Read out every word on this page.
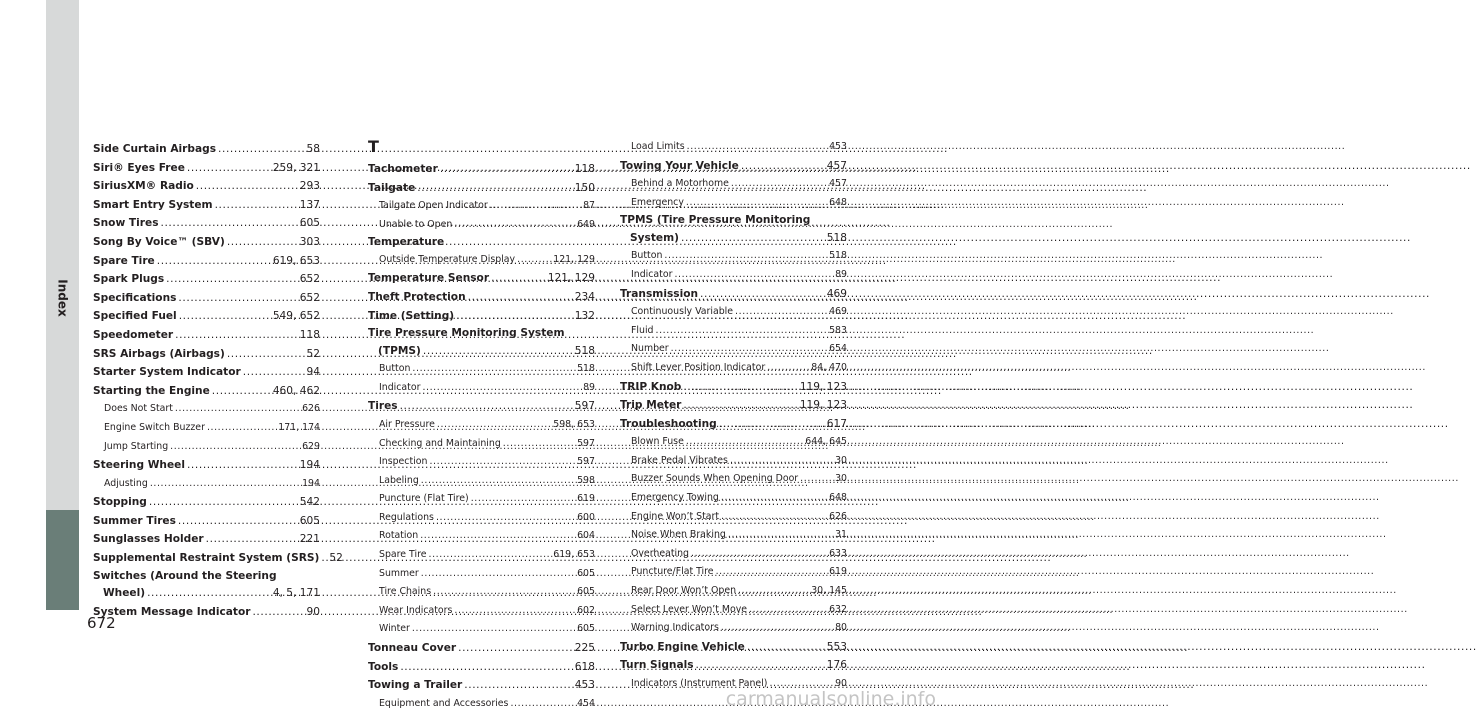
Index
Side Curtain Airbags .....	58
Siri® Eyes Free .....	259, 321
SiriusXM® Radio .....	293
Smart Entry System .....	137
Snow Tires .....	605
Song By Voice™ (SBV) .....	303
Spare Tire .....	619, 653
Spark Plugs .....	652
Specifications .....	652
Specified Fuel .....	549, 652
Speedometer .....	118
SRS Airbags (Airbags) .....	52
Starter System Indicator .....	94
Starting the Engine .....	460, 462
Does Not Start .....	626
Engine Switch Buzzer .....	171, 174
Jump Starting .....	629
Steering Wheel .....	194
Adjusting .....	194
Stopping .....	542
Summer Tires .....	605
Sunglasses Holder .....	221
Supplemental Restraint System (SRS) ..... 52
Switches (Around the Steering
Wheel) .....	4, 5, 171
System Message Indicator .....	90
T
Tachometer .....	118
Tailgate .....	150
Tailgate Open Indicator .....	87
Unable to Open .....	649
Temperature
Outside Temperature Display .....	121, 129
Temperature Sensor .....	121, 129
Theft Protection .....	234
Time (Setting) .....	132
Tire Pressure Monitoring System
(TPMS) .....	518
Button .....	518
Indicator .....	89
Tires .....	597
Air Pressure .....	598, 653
Checking and Maintaining .....	597
Inspection .....	597
Labeling .....	598
Puncture (Flat Tire) .....	619
Regulations .....	600
Rotation .....	604
Spare Tire .....	619, 653
Summer .....	605
Tire Chains .....	605
Wear Indicators .....	602
Winter .....	605
Tonneau Cover .....	225
Tools .....	618
Towing a Trailer .....	453
Equipment and Accessories .....	454
Load Limits .....	453
Towing Your Vehicle .....	457
Behind a Motorhome .....	457
Emergency .....	648
TPMS (Tire Pressure Monitoring
System) .....	518
Button .....	518
Indicator .....	89
Transmission .....	469
Continuously Variable .....	469
Fluid .....	583
Number .....	654
Shift Lever Position Indicator .....	84, 470
TRIP Knob .....	119, 123
Trip Meter .....	119, 123
Troubleshooting .....	617
Blown Fuse .....	644, 645
Brake Pedal Vibrates .....	30
Buzzer Sounds When Opening Door .....	30
Emergency Towing .....	648
Engine Won’t Start .....	626
Noise When Braking .....	31
Overheating .....	633
Puncture/Flat Tire .....	619
Rear Door Won’t Open .....	30, 145
Select Lever Won’t Move .....	632
Warning Indicators .....	80
Turbo Engine Vehicle .....	553
Turn Signals .....	176
Indicators (Instrument Panel) .....	90
672
carmanualsonline.info
